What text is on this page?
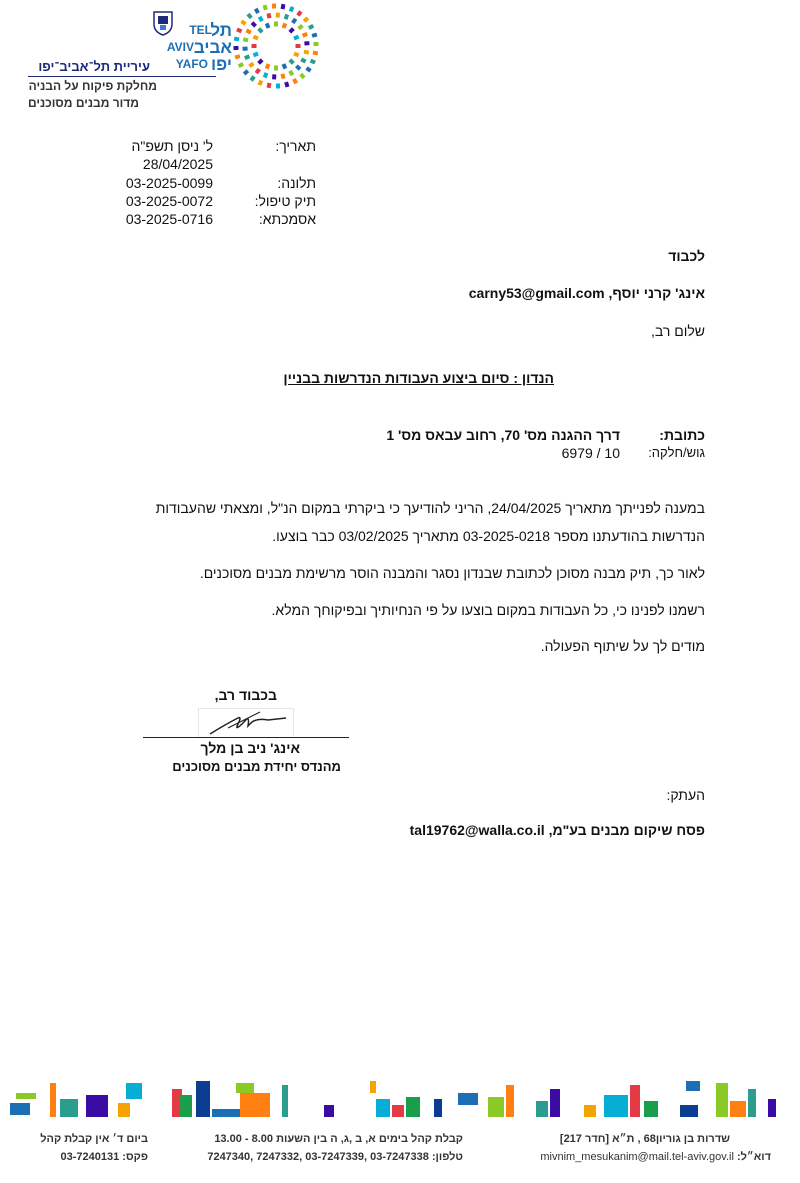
תל
TEL
אביב
AVIV
יפו
YAFO
עיריית תל־אביב־יפו
מחלקת פיקוח על הבניה
מדור מבנים מסוכנים
תאריך:
ל' ניסן תשפ"ה
28/04/2025
תלונה:
03-2025-0099
תיק טיפול:
03-2025-0072
אסמכתא:
03-2025-0716
לכבוד
אינג' קרני יוסף, carny53@gmail.com
שלום רב,
הנדון : סיום ביצוע העבודות הנדרשות בבניין
כתובת:
דרך ההגנה מס' 70, רחוב עבאס מס' 1
גוש/חלקה:
6979 / 10
במענה לפנייתך מתאריך 24/04/2025, הריני להודיעך כי ביקרתי במקום הנ"ל, ומצאתי שהעבודות
הנדרשות בהודעתנו מספר 03-2025-0218 מתאריך 03/02/2025 כבר בוצעו.
לאור כך, תיק מבנה מסוכן לכתובת שבנדון נסגר והמבנה הוסר מרשימת מבנים מסוכנים.
רשמנו לפנינו כי, כל העבודות במקום בוצעו על פי הנחיותיך ובפיקוחך המלא.
מודים לך על שיתוף הפעולה.
בכבוד רב,
אינג' ניב בן מלך
מהנדס יחידת מבנים מסוכנים
העתק:
פסח שיקום מבנים בע"מ, tal19762@walla.co.il
שדרות בן גוריון68 , ת״א [חדר 217]
דוא״ל: mivnim_mesukanim@mail.tel-aviv.gov.il
קבלת קהל בימים א, ב ,ג, ה בין השעות 8.00 - 13.00
טלפון: 03-7247338 ,03-7247339 ,7247332 ,7247340
ביום ד׳ אין קבלת קהל
פקס: 03-7240131
